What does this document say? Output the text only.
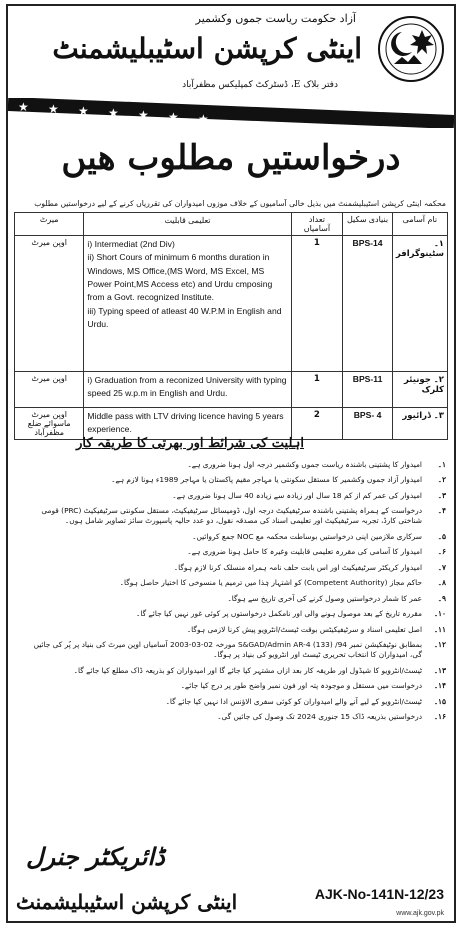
آزاد حکومت ریاست جموں وکشمیر
اینٹی کرپشن اسٹیبلیشمنٹ
دفتر بلاک E، ڈسٹرکٹ کمپلیکس مظفرآباد
★ ★ ★ ★ ★ ★ ★
درخواستیں مطلوب ھیں
محکمہ اینٹی کرپشن اسٹیبلیشمنٹ میں بذیل خالی آسامیوں کے خلاف موزوں امیدواران کی تقرریاں کرنے کے لیے درخواستیں مطلوب
میرٹ	تعلیمی قابلیت	تعداد آسامیاں	بنیادی سکیل	نام آسامی
اوپن میرٹ	i) Intermediat (2nd Div)
ii) Short Cours of minimum 6 months duration in Windows, MS Office,(MS Word, MS Excel, MS Power Point,MS Access etc) and Urdu cmposing from a Govt. recognized Institute.
iii) Typing speed of atleast 40 W.P.M in English and Urdu.	1	BPS-14	۱۔ سٹینوگرافر
اوپن میرٹ	i) Graduation from a reconized University with typing speed 25 w.p.m in English and Urdu.	1	BPS-11	۲۔ جونیئر کلرک
اوپن میرٹ ماسوائے ضلع مظفرآباد	Middle pass with LTV driving licence having 5 years experience.	2	BPS- 4	۳۔ ڈرائیور
اہلیت کی شرائط اور بھرتی کا طریقہ کار
۱۔
امیدوار کا پشتینی باشندہ ریاست جموں وکشمیر درجہ اول ہونا ضروری ہے۔
۲۔
امیدوار آزاد جموں وکشمیر کا مستقل سکونتی یا مہاجر مقیم پاکستان یا مہاجر 1989ء ہونا لازم ہے۔
۳۔
امیدوار کی عمر کم از کم 18 سال اور زیادہ سے زیادہ 40 سال ہونا ضروری ہے۔
۴۔
درخواست کے ہمراہ پشتینی باشندہ سرٹیفیکیٹ درجہ اول، ڈومیسائل سرٹیفیکیٹ، مستقل سکونتی سرٹیفیکیٹ (PRC) قومی شناختی کارڈ، تجربہ سرٹیفیکیٹ اور تعلیمی اسناد کی مصدقہ نقول، دو عدد حالیہ پاسپورٹ سائز تصاویر شامل ہوں۔
۵۔
سرکاری ملازمین اپنی درخواستیں بوساطت محکمہ مع NOC جمع کروائیں۔
۶۔
امیدوار کا آسامی کی مقررہ تعلیمی قابلیت وغیرہ کا حامل ہونا ضروری ہے۔
۷۔
امیدوار کریکٹر سرٹیفیکیٹ اور اس بابت حلف نامہ ہمراہ منسلک کرنا لازم ہوگا۔
۸۔
حاکم مجاز (Competent Authority) کو اشتہار ہٰذا میں ترمیم یا منسوخی کا اختیار حاصل ہوگا۔
۹۔
عمر کا شمار درخواستیں وصول کرنے کی آخری تاریخ سے ہوگا۔
۱۰۔
مقررہ تاریخ کے بعد موصول ہونے والی اور نامکمل درخواستوں پر کوئی غور نہیں کیا جائے گا۔
۱۱۔
اصل تعلیمی اسناد و سرٹیفیکیٹس بوقت ٹیسٹ/انٹرویو پیش کرنا لازمی ہوگا۔
۱۲۔
بمطابق نوٹیفکیشن نمبر S&GAD/Admin AR-4 (133) /94 مورخہ 02-03-2003 آسامیاں اوپن میرٹ کی بنیاد پر پُر کی جائیں گی، امیدواران کا انتخاب تحریری ٹیسٹ اور انٹرویو کی بنیاد پر ہوگا۔
۱۳۔
ٹیسٹ/انٹرویو کا شیڈول اور طریقہ کار بعد ازاں مشتہر کیا جائے گا اور امیدواران کو بذریعہ ڈاک مطلع کیا جائے گا۔
۱۴۔
درخواست میں مستقل و موجودہ پتہ اور فون نمبر واضح طور پر درج کیا جائے۔
۱۵۔
ٹیسٹ/انٹرویو کے لیے آنے والے امیدواران کو کوئی سفری الاؤنس ادا نہیں کیا جائے گا۔
۱۶۔
درخواستیں بذریعہ ڈاک 15 جنوری 2024 تک وصول کی جائیں گی۔
ڈائریکٹر جنرل
اینٹی کرپشن اسٹیبلیشمنٹ	AJK-No-141N-12/23
www.ajk.gov.pk
